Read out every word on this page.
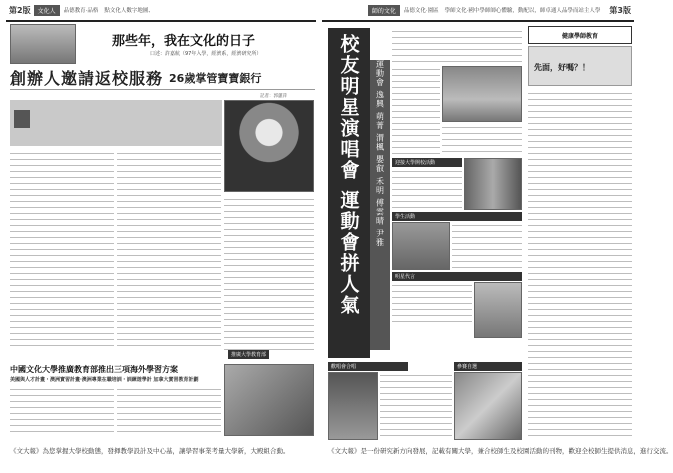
第2版	文化人	品德教育‧品格 點文化人數字地圖、	師的文化	品德文化‧園區 學師文化‧國中學師師心體驗，動配以，師卓通人品學而站主人學	第3版
那些年，我在文化的日子
口述：許嘉航（97年入學，經濟系，經濟研究所）
創辦人邀請返校服務 26歲掌管寶寶銀行
記者：郭蕙萍
推廣大學教育部
中國文化大學推廣教育部推出三項海外學習方案
美國與人才計畫・澳洲實習計畫‧澳洲專業在職培訓・訓練遊學計 加拿大實習教育計劃
《文大報》為您掌握大學校動態，發揮教學設計及中心基，讓學習事業考量大學新，大殿組合動。
校友明星演唱會 運動會拼人氣	運動會 逸興 萌菁 渭楓 嬰叡 禾明 傅雲晴 尹雅	迎接大學開校活動
學生活動
明星代言
歡唱會合唱	參賽自選
健康學師教育
先面，好嗎？！
《文大報》是一份研究新方向發展，記載有關大學，兼合校師生及校園活動的刊物，歡迎全校師生提供消息，進行交流。
